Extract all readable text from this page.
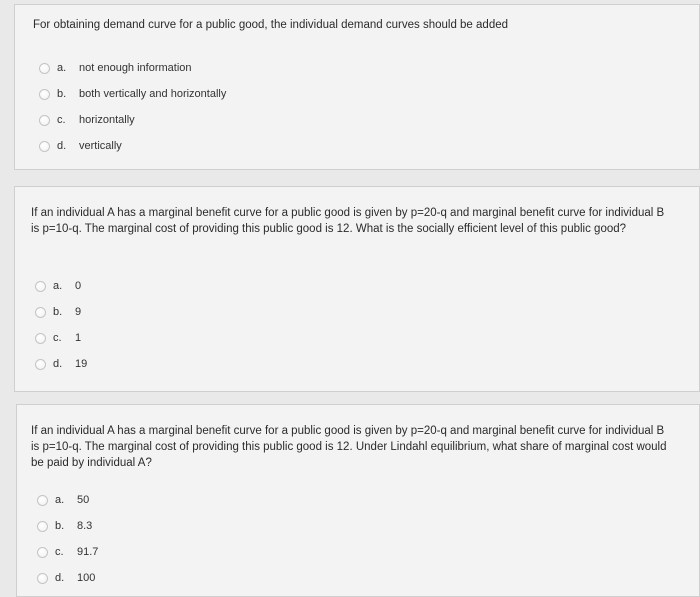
For obtaining demand curve for a public good, the individual demand curves should be added
a.	not enough information
b.	both vertically and horizontally
c.	horizontally
d.	vertically
If an individual A has a marginal benefit curve for a public good is given by p=20-q and marginal benefit curve for individual B is p=10-q. The marginal cost of providing this public good is 12. What is the socially efficient level of this public good?
a.	0
b.	9
c.	1
d.	19
If an individual A has a marginal benefit curve for a public good is given by p=20-q and marginal benefit curve for individual B is p=10-q. The marginal cost of providing this public good is 12. Under Lindahl equilibrium, what share of marginal cost would be paid by individual A?
a.	50
b.	8.3
c.	91.7
d.	100
